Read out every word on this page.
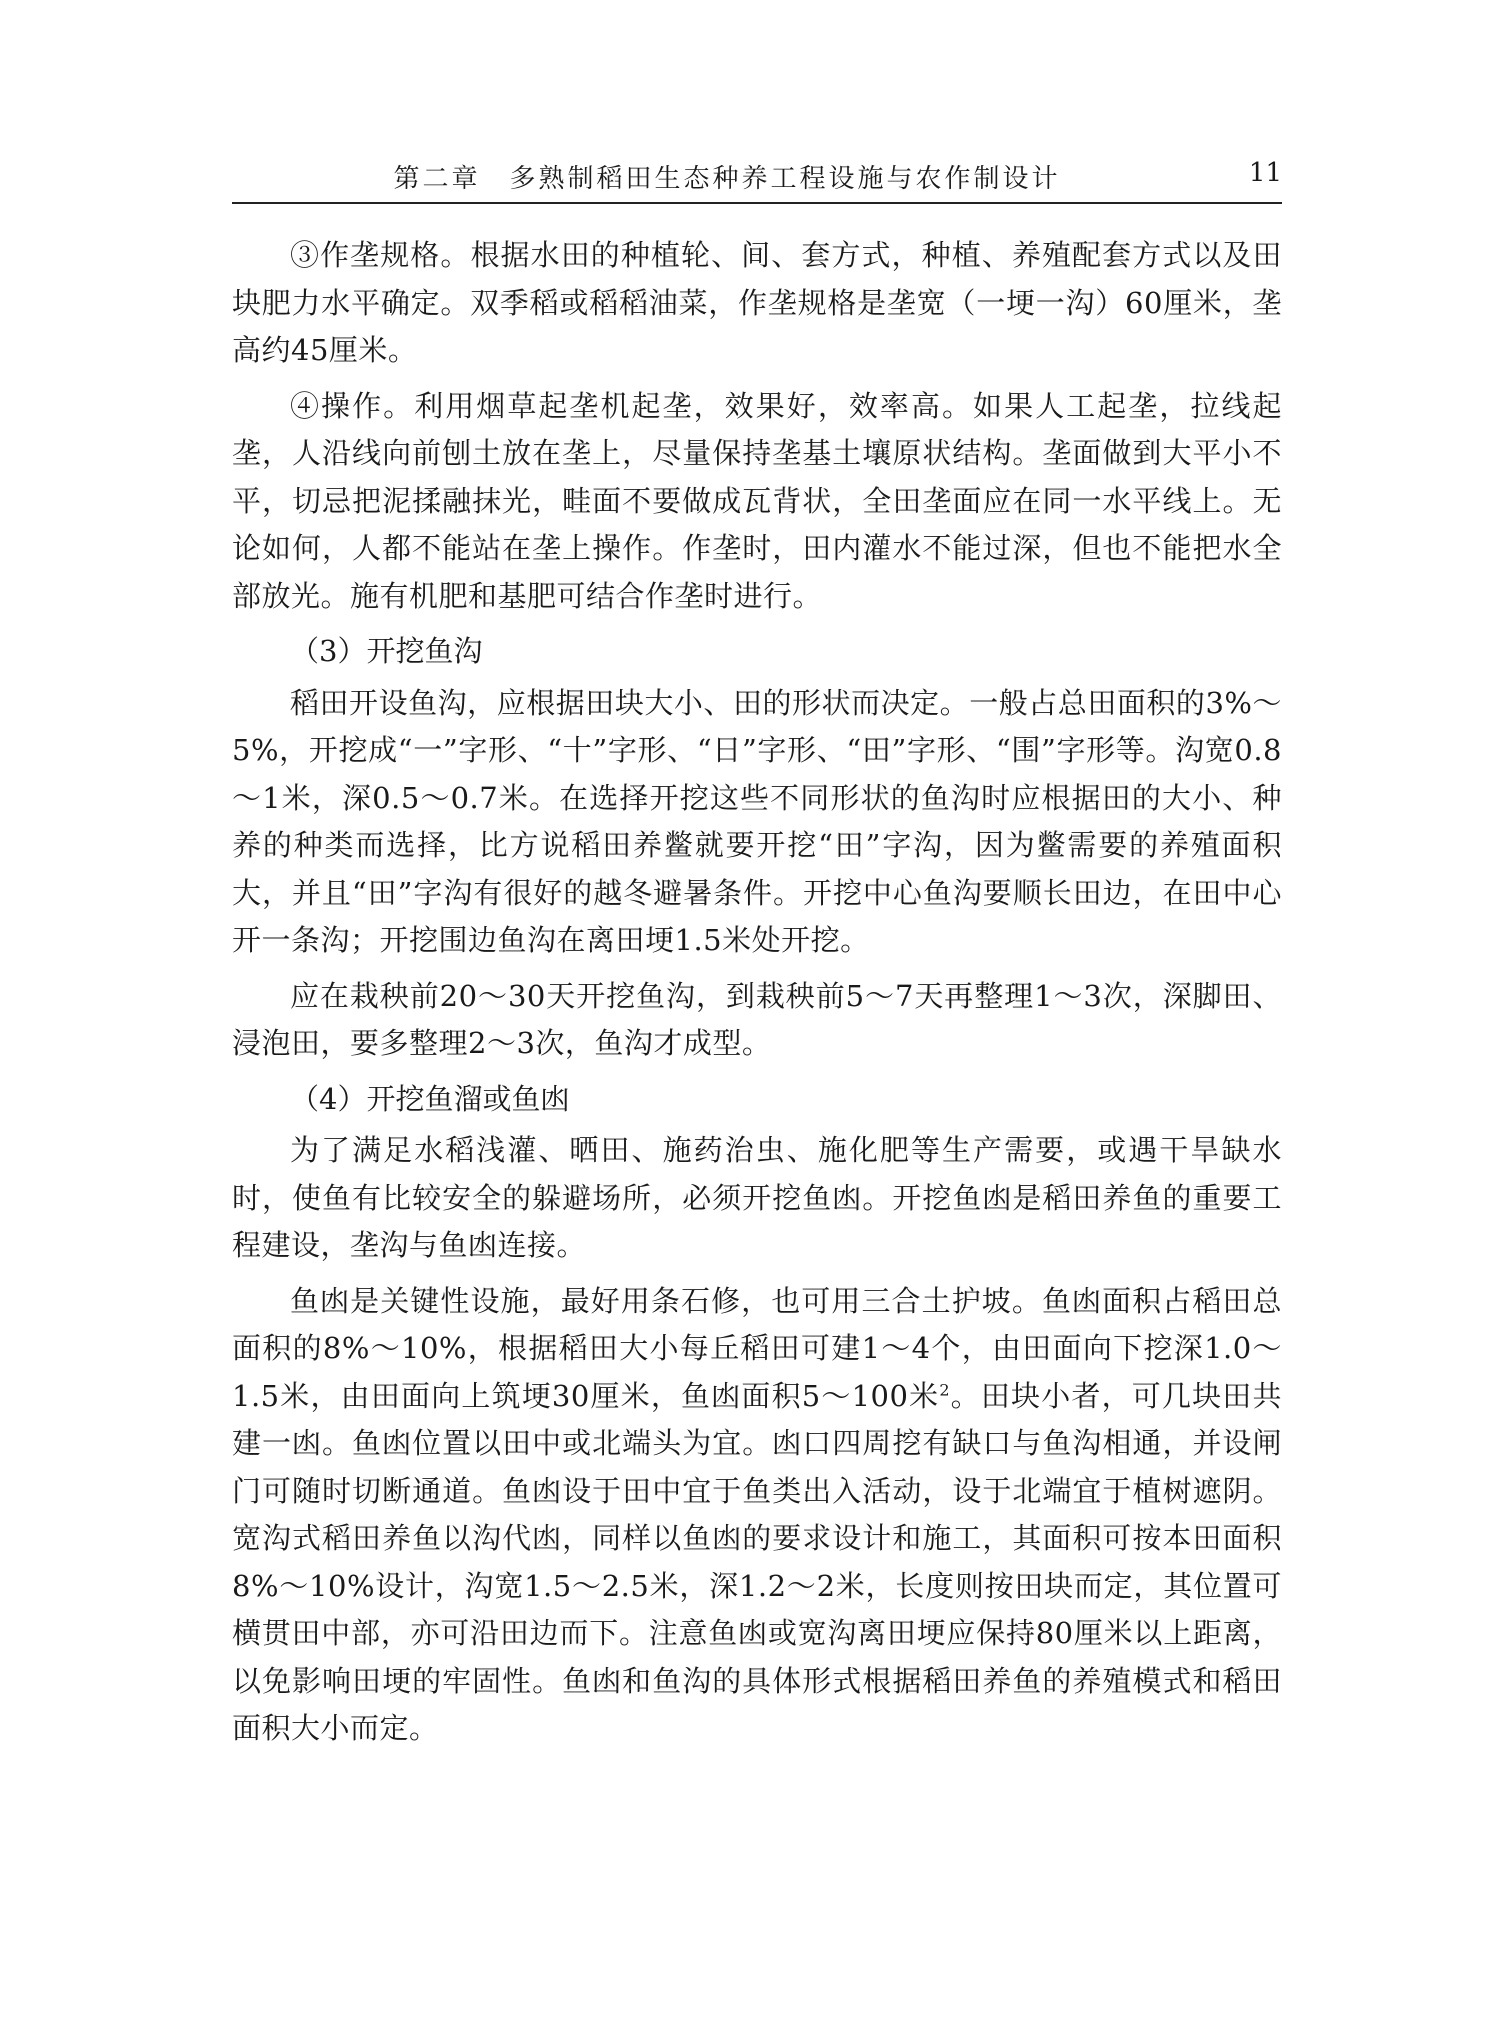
第二章　多熟制稻田生态种养工程设施与农作制设计	11

③作垄规格。根据水田的种植轮、间、套方式，种植、养殖配套方式以及田块肥力水平确定。双季稻或稻稻油菜，作垄规格是垄宽（一埂一沟）60厘米，垄高约45厘米。

④操作。利用烟草起垄机起垄，效果好，效率高。如果人工起垄，拉线起垄，人沿线向前刨土放在垄上，尽量保持垄基土壤原状结构。垄面做到大平小不平，切忌把泥揉融抹光，畦面不要做成瓦背状，全田垄面应在同一水平线上。无论如何，人都不能站在垄上操作。作垄时，田内灌水不能过深，但也不能把水全部放光。施有机肥和基肥可结合作垄时进行。

（3）开挖鱼沟

稻田开设鱼沟，应根据田块大小、田的形状而决定。一般占总田面积的3%～5%，开挖成“一”字形、“十”字形、“日”字形、“田”字形、“围”字形等。沟宽0.8～1米，深0.5～0.7米。在选择开挖这些不同形状的鱼沟时应根据田的大小、种养的种类而选择，比方说稻田养鳖就要开挖“田”字沟，因为鳖需要的养殖面积大，并且“田”字沟有很好的越冬避暑条件。开挖中心鱼沟要顺长田边，在田中心开一条沟；开挖围边鱼沟在离田埂1.5米处开挖。

应在栽秧前20～30天开挖鱼沟，到栽秧前5～7天再整理1～3次，深脚田、浸泡田，要多整理2～3次，鱼沟才成型。

（4）开挖鱼溜或鱼凼

为了满足水稻浅灌、晒田、施药治虫、施化肥等生产需要，或遇干旱缺水时，使鱼有比较安全的躲避场所，必须开挖鱼凼。开挖鱼凼是稻田养鱼的重要工程建设，垄沟与鱼凼连接。

鱼凼是关键性设施，最好用条石修，也可用三合土护坡。鱼凼面积占稻田总面积的8%～10%，根据稻田大小每丘稻田可建1～4个，由田面向下挖深1.0～1.5米，由田面向上筑埂30厘米，鱼凼面积5～100米$^2$。田块小者，可几块田共建一凼。鱼凼位置以田中或北端头为宜。凼口四周挖有缺口与鱼沟相通，并设闸门可随时切断通道。鱼凼设于田中宜于鱼类出入活动，设于北端宜于植树遮阴。宽沟式稻田养鱼以沟代凼，同样以鱼凼的要求设计和施工，其面积可按本田面积8%～10%设计，沟宽1.5～2.5米，深1.2～2米，长度则按田块而定，其位置可横贯田中部，亦可沿田边而下。注意鱼凼或宽沟离田埂应保持80厘米以上距离，以免影响田埂的牢固性。鱼凼和鱼沟的具体形式根据稻田养鱼的养殖模式和稻田面积大小而定。
